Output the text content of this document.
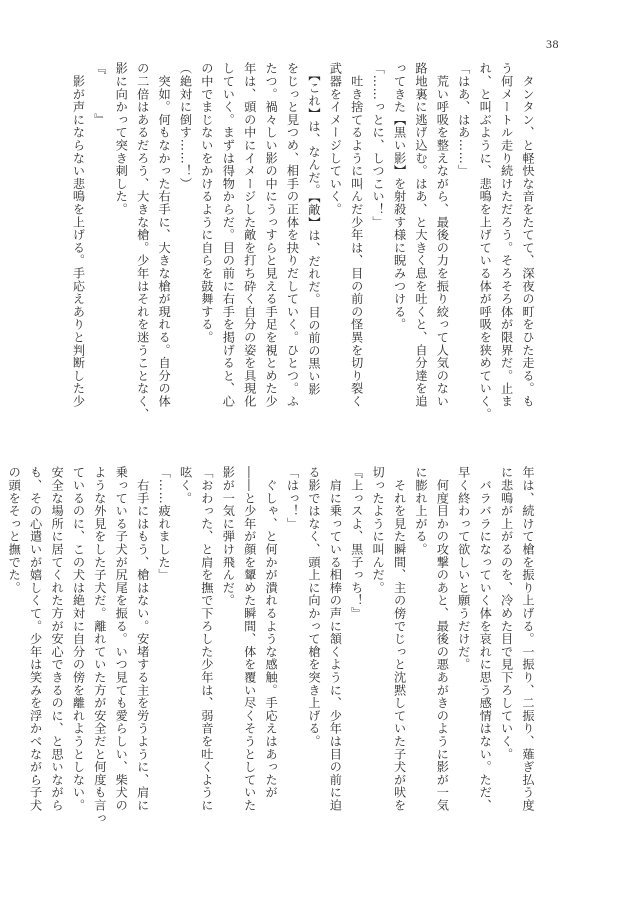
38
　タンタン、と軽快な音をたてて、深夜の町をひた走る。も
う何メートル走り続けただろう。そろそろ体が限界だ。止ま
れ、と叫ぶように、悲鳴を上げている体が呼吸を狭めていく。
「はあ、はあ……」
　荒い呼吸を整えながら、最後の力を振り絞って人気のない
路地裏に逃げ込む。はあ、と大きく息を吐くと、自分達を追
ってきた【黒い影】を射殺す様に睨みつける。
「……っとに、しつこい！」
　吐き捨てるように叫んだ少年は、目の前の怪異を切り裂く
武器をイメージしていく。
　【これ】は、なんだ。【敵】は、だれだ。目の前の黒い影
をじっと見つめ、相手の正体を抉りだしていく。ひとつ。ふ
たつ。禍々しい影の中にうっすらと見える手足を視とめた少
年は、頭の中にイメージした敵を打ち砕く自分の姿を具現化
していく。まずは得物からだ。目の前に右手を掲げると、心
の中でまじないをかけるように自らを鼓舞する。
（絶対に倒す……！）
　突如。何もなかった右手に、大きな槍が現れる。自分の体
の二倍はあるだろう、大きな槍。少年はそれを迷うことなく、
影に向かって突き刺した。
『　　　』
　影が声にならない悲鳴を上げる。手応えありと判断した少
年は、続けて槍を振り上げる。一振り、二振り、薙ぎ払う度
に悲鳴が上がるのを、冷めた目で見下ろしていく。
　バラバラになっていく体を哀れに思う感情はない。ただ、
早く終わって欲しいと願うだけだ。
　何度目かの攻撃のあと、最後の悪あがきのように影が一気
に膨れ上がる。
　それを見た瞬間、主の傍でじっと沈黙していた子犬が吠を
切ったように叫んだ。
『上っスよ、黒子っち！』
　肩に乗っている相棒の声に頷くように、少年は目の前に迫
る影ではなく、頭上に向かって槍を突き上げる。
「はっ！」
　ぐしゃ、と何かが潰れるような感触。手応えはあったが
――と少年が顔を顰めた瞬間、体を覆い尽くそうとしていた
影が一気に弾け飛んだ。
「おわった、と肩を撫で下ろした少年は、弱音を吐くように
呟く。
「……疲れました」
　右手にはもう、槍はない。安堵する主を労うように、肩に
乗っている子犬が尻尾を振る。いつ見ても愛らしい、柴犬の
ような外見をした子犬だ。離れていた方が安全だと何度も言っ
ているのに、この犬は絶対に自分の傍を離れようとしない。
安全な場所に居てくれた方が安心できるのに、と思いながら
も、その心遣いが嬉しくて。少年は笑みを浮かべながら子犬
の頭をそっと撫でた。
